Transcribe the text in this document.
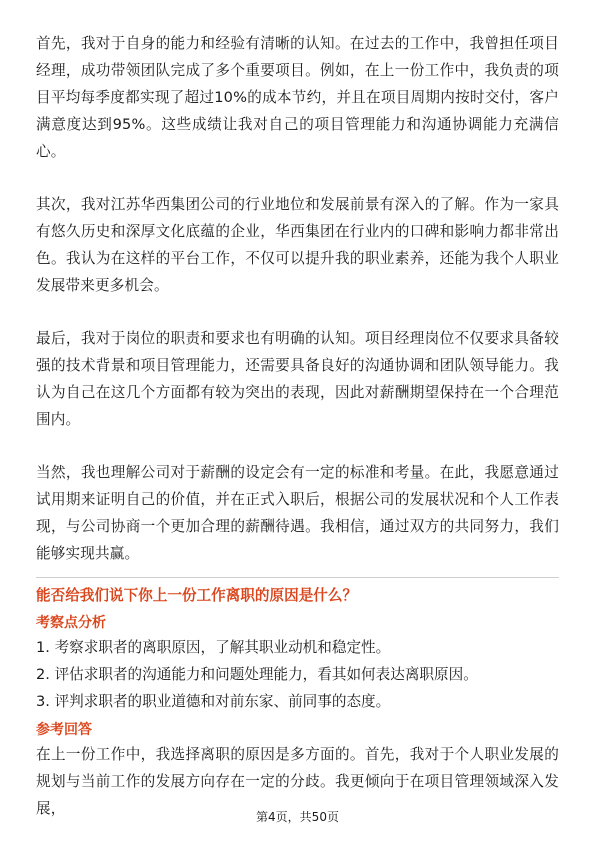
首先，我对于自身的能力和经验有清晰的认知。在过去的工作中，我曾担任项目经理，成功带领团队完成了多个重要项目。例如，在上一份工作中，我负责的项目平均每季度都实现了超过10%的成本节约，并且在项目周期内按时交付，客户满意度达到95%。这些成绩让我对自己的项目管理能力和沟通协调能力充满信心。

其次，我对江苏华西集团公司的行业地位和发展前景有深入的了解。作为一家具有悠久历史和深厚文化底蕴的企业，华西集团在行业内的口碑和影响力都非常出色。我认为在这样的平台工作，不仅可以提升我的职业素养，还能为我个人职业发展带来更多机会。

最后，我对于岗位的职责和要求也有明确的认知。项目经理岗位不仅要求具备较强的技术背景和项目管理能力，还需要具备良好的沟通协调和团队领导能力。我认为自己在这几个方面都有较为突出的表现，因此对薪酬期望保持在一个合理范围内。

当然，我也理解公司对于薪酬的设定会有一定的标准和考量。在此，我愿意通过试用期来证明自己的价值，并在正式入职后，根据公司的发展状况和个人工作表现，与公司协商一个更加合理的薪酬待遇。我相信，通过双方的共同努力，我们能够实现共赢。

能否给我们说下你上一份工作离职的原因是什么？

考察点分析

1. 考察求职者的离职原因，了解其职业动机和稳定性。

2. 评估求职者的沟通能力和问题处理能力，看其如何表达离职原因。

3. 评判求职者的职业道德和对前东家、前同事的态度。

参考回答

在上一份工作中，我选择离职的原因是多方面的。首先，我对于个人职业发展的规划与当前工作的发展方向存在一定的分歧。我更倾向于在项目管理领域深入发展，	第4页，共50页
